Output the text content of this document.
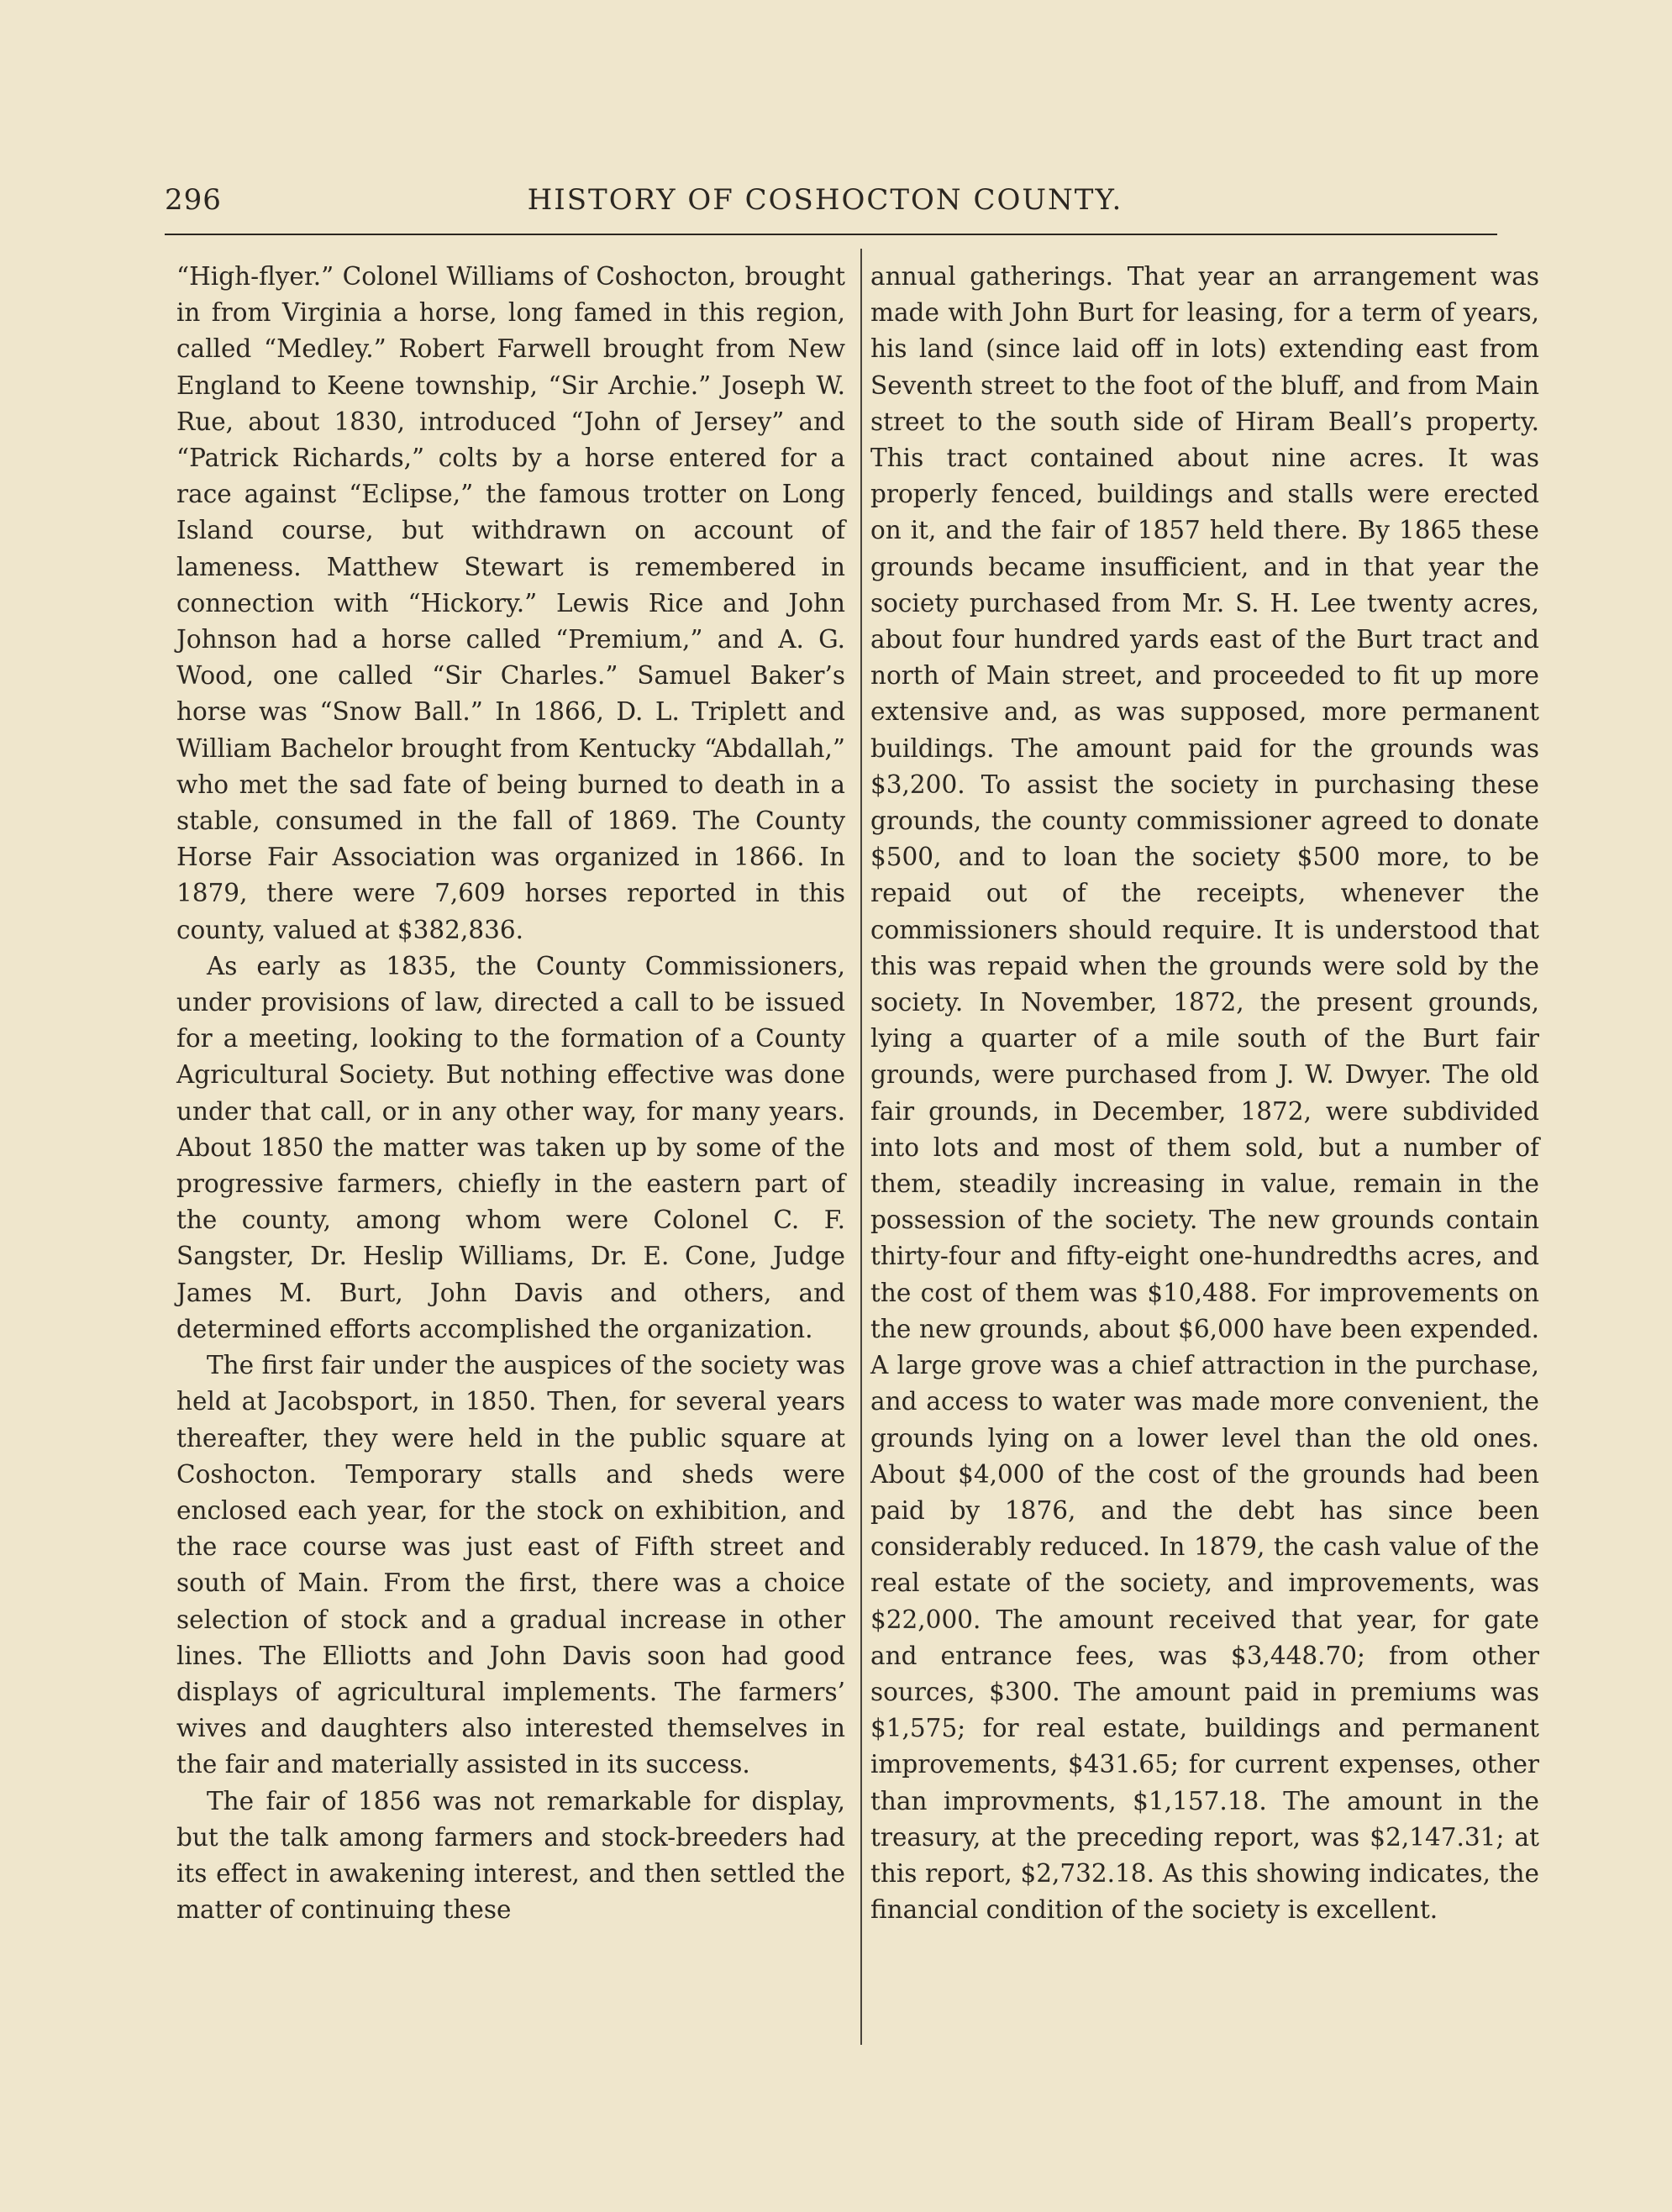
296	HISTORY OF COSHOCTON COUNTY.

“High-flyer.” Colonel Williams of Coshocton, brought in from Virginia a horse, long famed in this region, called “Medley.” Robert Farwell brought from New England to Keene township, “Sir Archie.” Joseph W. Rue, about 1830, introduced “John of Jersey” and “Patrick Richards,” colts by a horse entered for a race against “Eclipse,” the famous trotter on Long Island course, but withdrawn on account of lameness. Matthew Stewart is remembered in connection with “Hickory.” Lewis Rice and John Johnson had a horse called “Premium,” and A. G. Wood, one called “Sir Charles.” Samuel Baker’s horse was “Snow Ball.” In 1866, D. L. Triplett and William Bachelor brought from Kentucky “Abdallah,” who met the sad fate of being burned to death in a stable, consumed in the fall of 1869. The County Horse Fair Association was organized in 1866. In 1879, there were 7,609 horses reported in this county, valued at $382,836.

As early as 1835, the County Commissioners, under provisions of law, directed a call to be issued for a meeting, looking to the formation of a County Agricultural Society. But nothing effective was done under that call, or in any other way, for many years. About 1850 the matter was taken up by some of the progressive farmers, chiefly in the eastern part of the county, among whom were Colonel C. F. Sangster, Dr. Heslip Williams, Dr. E. Cone, Judge James M. Burt, John Davis and others, and determined efforts accomplished the organization.

The first fair under the auspices of the society was held at Jacobsport, in 1850. Then, for several years thereafter, they were held in the public square at Coshocton. Temporary stalls and sheds were enclosed each year, for the stock on exhibition, and the race course was just east of Fifth street and south of Main. From the first, there was a choice selection of stock and a gradual increase in other lines. The Elliotts and John Davis soon had good displays of agricultural implements. The farmers’ wives and daughters also interested themselves in the fair and materially assisted in its success.

The fair of 1856 was not remarkable for display, but the talk among farmers and stock-breeders had its effect in awakening interest, and then settled the matter of continuing these

annual gatherings. That year an arrangement was made with John Burt for leasing, for a term of years, his land (since laid off in lots) extending east from Seventh street to the foot of the bluff, and from Main street to the south side of Hiram Beall’s property. This tract contained about nine acres. It was properly fenced, buildings and stalls were erected on it, and the fair of 1857 held there. By 1865 these grounds became insufficient, and in that year the society purchased from Mr. S. H. Lee twenty acres, about four hundred yards east of the Burt tract and north of Main street, and proceeded to fit up more extensive and, as was supposed, more permanent buildings. The amount paid for the grounds was $3,200. To assist the society in purchasing these grounds, the county commissioner agreed to donate $500, and to loan the society $500 more, to be repaid out of the receipts, whenever the commissioners should require. It is understood that this was repaid when the grounds were sold by the society. In November, 1872, the present grounds, lying a quarter of a mile south of the Burt fair grounds, were purchased from J. W. Dwyer. The old fair grounds, in December, 1872, were subdivided into lots and most of them sold, but a number of them, steadily increasing in value, remain in the possession of the society. The new grounds contain thirty-four and fifty-eight one-hundredths acres, and the cost of them was $10,488. For improvements on the new grounds, about $6,000 have been expended. A large grove was a chief attraction in the purchase, and access to water was made more convenient, the grounds lying on a lower level than the old ones. About $4,000 of the cost of the grounds had been paid by 1876, and the debt has since been considerably reduced. In 1879, the cash value of the real estate of the society, and improvements, was $22,000. The amount received that year, for gate and entrance fees, was $3,448.70; from other sources, $300. The amount paid in premiums was $1,575; for real estate, buildings and permanent improvements, $431.65; for current expenses, other than improvments, $1,157.18. The amount in the treasury, at the preceding report, was $2,147.31; at this report, $2,732.18. As this showing indicates, the financial condition of the society is excellent.
